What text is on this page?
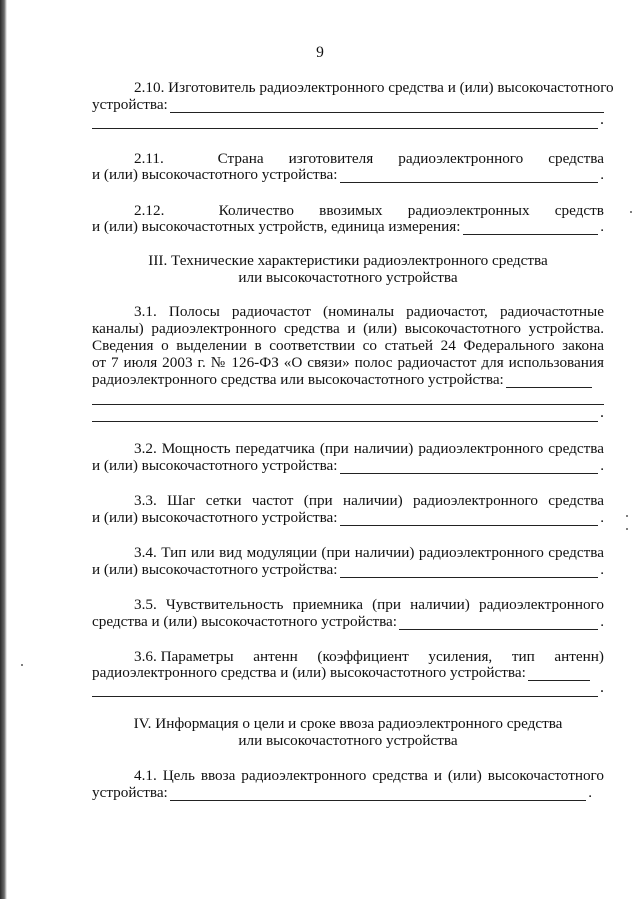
9
2.10. Изготовитель радиоэлектронного средства и (или) высокочастотного
устройства:
.
2.11.
	Страна изготовителя радиоэлектронного средства
и (или) высокочастотного устройства:	.
2.12.
	Количество ввозимых радиоэлектронных средств
и (или) высокочастотных устройств, единица измерения:	.
III. Технические характеристики радиоэлектронного средства
или высокочастотного устройства
3.1. Полосы радиочастот (номиналы радиочастот, радиочастотные
каналы) радиоэлектронного средства и (или) высокочастотного устройства.
Сведения о выделении в соответствии со статьей 24 Федерального закона
от 7 июля 2003 г. № 126-ФЗ «О связи» полос радиочастот для использования
радиоэлектронного средства или высокочастотного устройства:
.
3.2. Мощность передатчика (при наличии) радиоэлектронного средства
и (или) высокочастотного устройства:	.
3.3. Шаг сетки частот (при наличии) радиоэлектронного средства
и (или) высокочастотного устройства:	.
3.4. Тип или вид модуляции (при наличии) радиоэлектронного средства
и (или) высокочастотного устройства:	.
3.5. Чувствительность приемника (при наличии) радиоэлектронного
средства и (или) высокочастотного устройства:	.
3.6. Параметры антенн (коэффициент усиления, тип антенн)
радиоэлектронного средства и (или) высокочастотного устройства:
.
IV. Информация о цели и сроке ввоза радиоэлектронного средства
или высокочастотного устройства
4.1. Цель ввоза радиоэлектронного средства и (или) высокочастотного
устройства:	.
